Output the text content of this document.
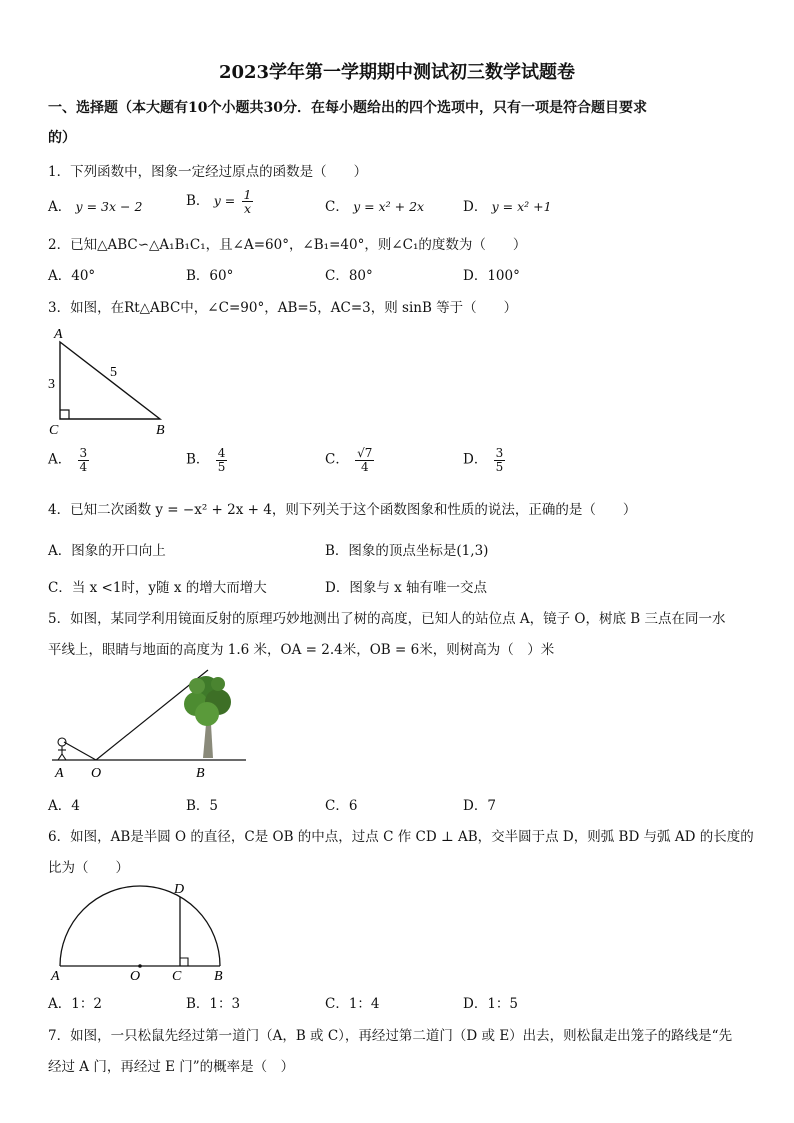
2023学年第一学期期中测试初三数学试题卷
一、选择题（本大题有10个小题共30分．在每小题给出的四个选项中，只有一项是符合题目要求
的）
1．下列函数中，图象一定经过原点的函数是（　　）
A． y = 3x − 2	B． $y = \frac{1}{x}$	C． y = x² + 2x	D． y = x² +1
2．已知△ABC∽△A₁B₁C₁，且∠A=60°，∠B₁=40°，则∠C₁的度数为（　　）
A．40°	B．60°	C．80°	D．100°
3．如图，在Rt△ABC中，∠C=90°，AB=5，AC=3，则 sinB 等于（　　）
A
3
5
C	B
A． $\frac{3}{4}$	B． $\frac{4}{5}$	C． $\frac{√7}{4}$	D． $\frac{3}{5}$
4．已知二次函数 y = −x² + 2x + 4，则下列关于这个函数图象和性质的说法，正确的是（　　）
A．图象的开口向上	B．图象的顶点坐标是(1,3)
C．当 x <1时，y随 x 的增大而增大	D．图象与 x 轴有唯一交点
5．如图，某同学利用镜面反射的原理巧妙地测出了树的高度，已知人的站位点 A，镜子 O，树底 B 三点在同一水
平线上，眼睛与地面的高度为 1.6 米，OA = 2.4米，OB = 6米，则树高为（　）米
A O	B
A．4	B．5	C．6	D．7
6．如图，AB是半圆 O 的直径，C是 OB 的中点，过点 C 作 CD ⊥ AB，交半圆于点 D，则弧 BD 与弧 AD 的长度的
比为（　　）
A	O C B
D
A．1：2	B．1：3	C．1：4	D．1：5
7．如图，一只松鼠先经过第一道门（A，B 或 C），再经过第二道门（D 或 E）出去，则松鼠走出笼子的路线是“先
经过 A 门，再经过 E 门”的概率是（　）
